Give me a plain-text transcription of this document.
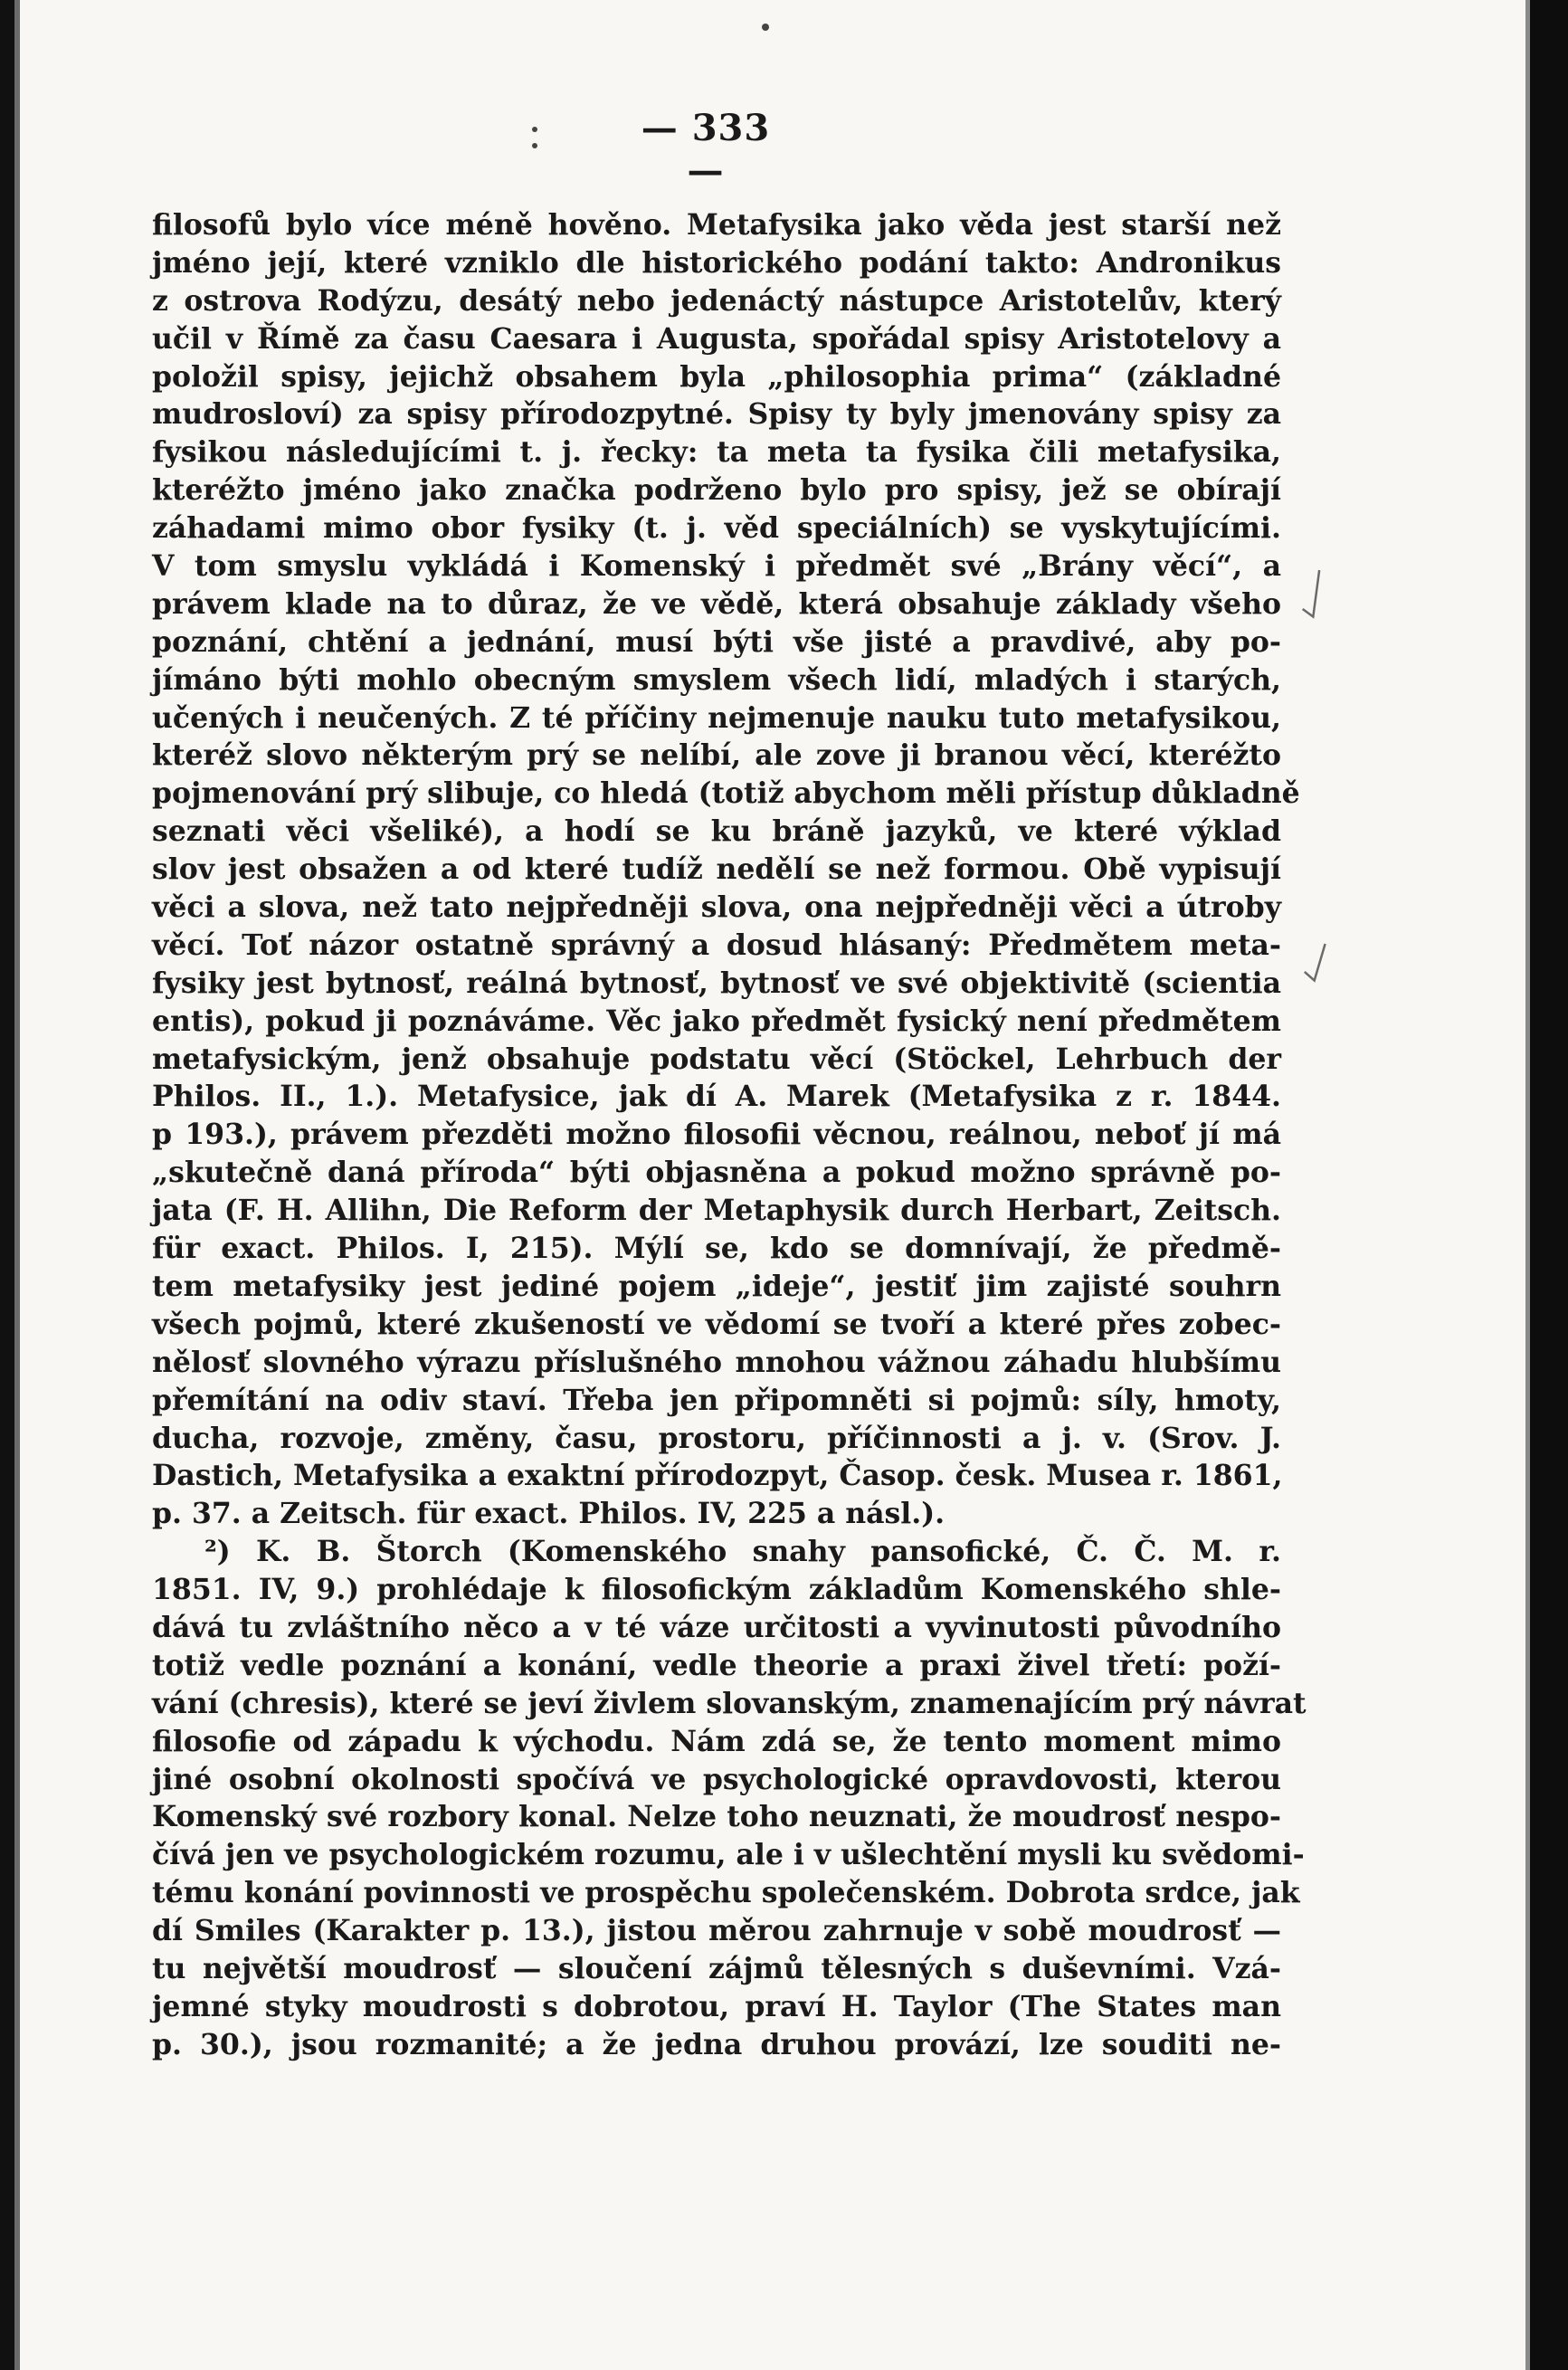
— 333 —
filosofů bylo více méně hověno. Metafysika jako věda jest starší než
jméno její, které vzniklo dle historického podání takto: Andronikus
z ostrova Rodýzu, desátý nebo jedenáctý nástupce Aristotelův, který
učil v Římě za času Caesara i Augusta, spořádal spisy Aristotelovy a
položil spisy, jejichž obsahem byla „philosophia prima“ (základné
mudrosloví) za spisy přírodozpytné. Spisy ty byly jmenovány spisy za
fysikou následujícími t. j. řecky: ta meta ta fysika čili metafysika,
kteréžto jméno jako značka podrženo bylo pro spisy, jež se obírají
záhadami mimo obor fysiky (t. j. věd speciálních) se vyskytujícími.
V tom smyslu vykládá i Komenský i předmět své „Brány věcí“, a
právem klade na to důraz, že ve vědě, která obsahuje základy všeho
poznání, chtění a jednání, musí býti vše jisté a pravdivé, aby po-
jímáno býti mohlo obecným smyslem všech lidí, mladých i starých,
učených i neučených. Z té příčiny nejmenuje nauku tuto metafysikou,
kteréž slovo některým prý se nelíbí, ale zove ji branou věcí, kteréžto
pojmenování prý slibuje, co hledá (totiž abychom měli přístup důkladně
seznati věci všeliké), a hodí se ku bráně jazyků, ve které výklad
slov jest obsažen a od které tudíž nedělí se než formou. Obě vypisují
věci a slova, než tato nejpředněji slova, ona nejpředněji věci a útroby
věcí. Toť názor ostatně správný a dosud hlásaný: Předmětem meta-
fysiky jest bytnosť, reálná bytnosť, bytnosť ve své objektivitě (scientia
entis), pokud ji poznáváme. Věc jako předmět fysický není předmětem
metafysickým, jenž obsahuje podstatu věcí (Stöckel, Lehrbuch der
Philos. II., 1.). Metafysice, jak dí A. Marek (Metafysika z r. 1844.
p 193.), právem přezděti možno filosofii věcnou, reálnou, neboť jí má
„skutečně daná příroda“ býti objasněna a pokud možno správně po-
jata (F. H. Allihn, Die Reform der Metaphysik durch Herbart, Zeitsch.
für exact. Philos. I, 215). Mýlí se, kdo se domnívají, že předmě-
tem metafysiky jest jediné pojem „ideje“, jestiť jim zajisté souhrn
všech pojmů, které zkušeností ve vědomí se tvoří a které přes zobec-
nělosť slovného výrazu příslušného mnohou vážnou záhadu hlubšímu
přemítání na odiv staví. Třeba jen připomněti si pojmů: síly, hmoty,
ducha, rozvoje, změny, času, prostoru, příčinnosti a j. v. (Srov. J.
Dastich, Metafysika a exaktní přírodozpyt, Časop. česk. Musea r. 1861,
p. 37. a Zeitsch. für exact. Philos. IV, 225 a násl.).
²) K. B. Štorch (Komenského snahy pansofické, Č. Č. M. r.
1851. IV, 9.) prohlédaje k filosofickým základům Komenského shle-
dává tu zvláštního něco a v té váze určitosti a vyvinutosti původního
totiž vedle poznání a konání, vedle theorie a praxi živel třetí: poží-
vání (chresis), které se jeví živlem slovanským, znamenajícím prý návrat
filosofie od západu k východu. Nám zdá se, že tento moment mimo
jiné osobní okolnosti spočívá ve psychologické opravdovosti, kterou
Komenský své rozbory konal. Nelze toho neuznati, že moudrosť nespo-
čívá jen ve psychologickém rozumu, ale i v ušlechtění mysli ku svědomi-
tému konání povinnosti ve prospěchu společenském. Dobrota srdce, jak
dí Smiles (Karakter p. 13.), jistou měrou zahrnuje v sobě moudrosť —
tu největší moudrosť — sloučení zájmů tělesných s duševními. Vzá-
jemné styky moudrosti s dobrotou, praví H. Taylor (The States man
p. 30.), jsou rozmanité; a že jedna druhou provází, lze souditi ne-
